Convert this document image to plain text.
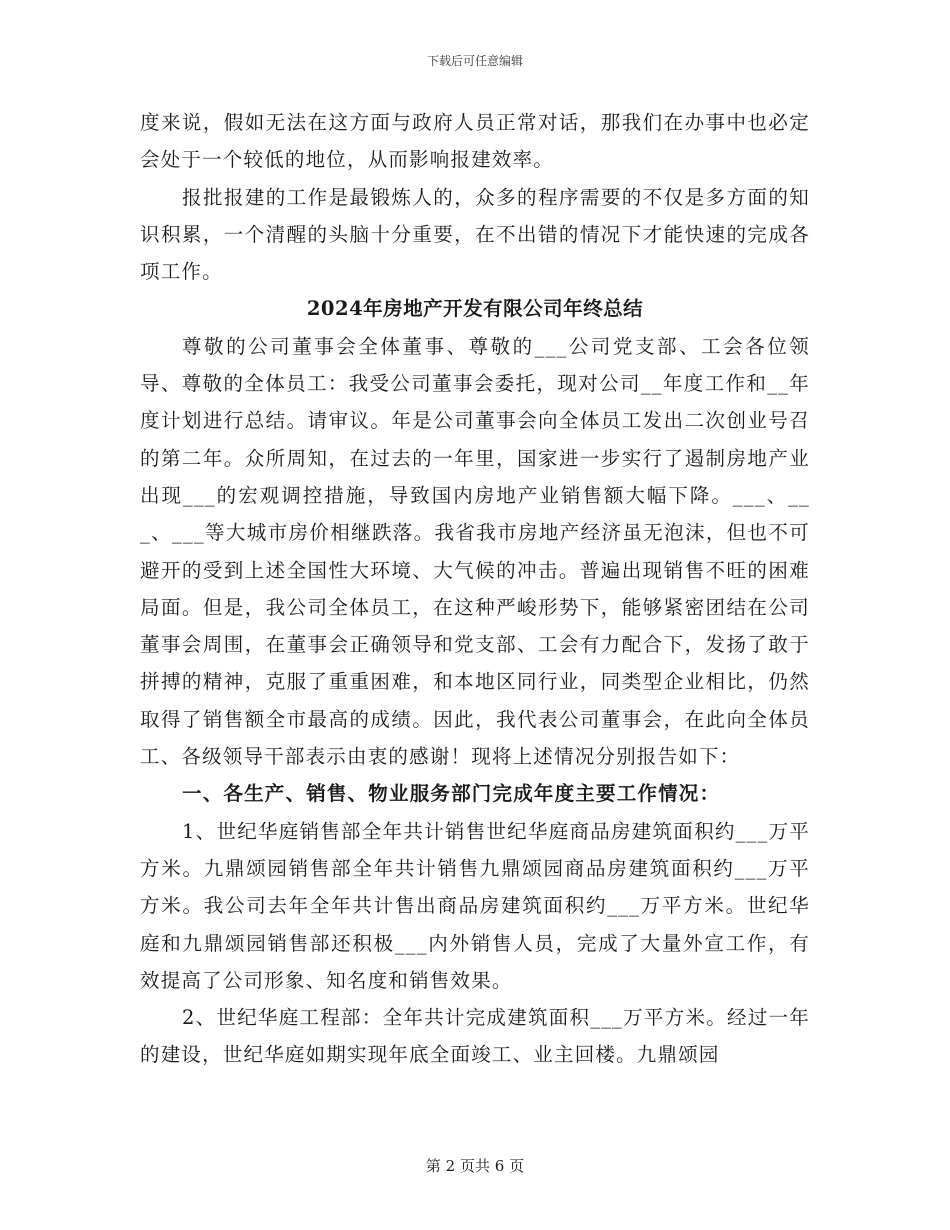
下载后可任意编辑

度来说，假如无法在这方面与政府人员正常对话，那我们在办事中也必定会处于一个较低的地位，从而影响报建效率。

报批报建的工作是最锻炼人的，众多的程序需要的不仅是多方面的知识积累，一个清醒的头脑十分重要，在不出错的情况下才能快速的完成各项工作。

2024年房地产开发有限公司年终总结

尊敬的公司董事会全体董事、尊敬的___公司党支部、工会各位领导、尊敬的全体员工：我受公司董事会委托，现对公司__年度工作和__年度计划进行总结。请审议。年是公司董事会向全体员工发出二次创业号召的第二年。众所周知，在过去的一年里，国家进一步实行了遏制房地产业出现___的宏观调控措施，导致国内房地产业销售额大幅下降。___、___、___等大城市房价相继跌落。我省我市房地产经济虽无泡沫，但也不可避开的受到上述全国性大环境、大气候的冲击。普遍出现销售不旺的困难局面。但是，我公司全体员工，在这种严峻形势下，能够紧密团结在公司董事会周围，在董事会正确领导和党支部、工会有力配合下，发扬了敢于拼搏的精神，克服了重重困难，和本地区同行业，同类型企业相比，仍然取得了销售额全市最高的成绩。因此，我代表公司董事会，在此向全体员工、各级领导干部表示由衷的感谢！现将上述情况分别报告如下：

一、各生产、销售、物业服务部门完成年度主要工作情况：

1、世纪华庭销售部全年共计销售世纪华庭商品房建筑面积约___万平方米。九鼎颂园销售部全年共计销售九鼎颂园商品房建筑面积约___万平方米。我公司去年全年共计售出商品房建筑面积约___万平方米。世纪华庭和九鼎颂园销售部还积极___内外销售人员，完成了大量外宣工作，有效提高了公司形象、知名度和销售效果。

2、世纪华庭工程部：全年共计完成建筑面积___万平方米。经过一年的建设，世纪华庭如期实现年底全面竣工、业主回楼。九鼎颂园

第 2 页共 6 页
